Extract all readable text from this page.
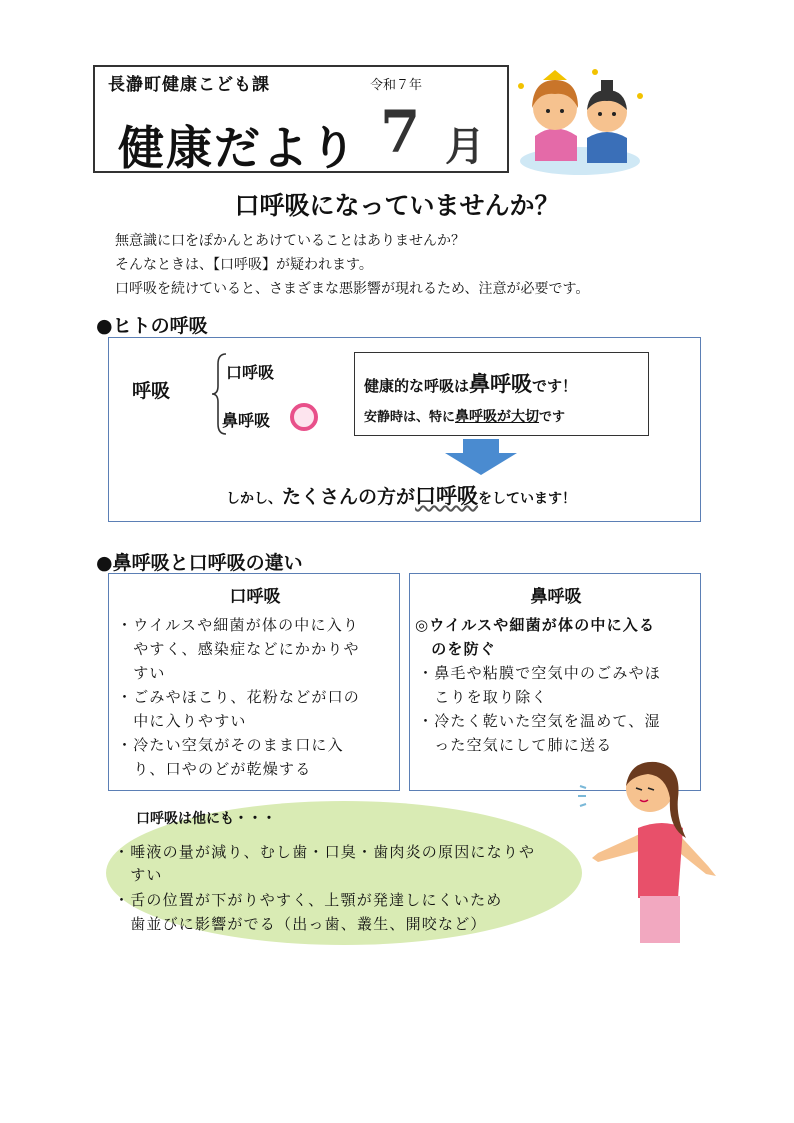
長瀞町健康こども課	令和７年
健康だより 7 月
口呼吸になっていませんか？
無意識に口をぽかんとあけていることはありませんか？
そんなときは、【口呼吸】が疑われます。
口呼吸を続けていると、さまざまな悪影響が現れるため、注意が必要です。
●ヒトの呼吸
呼吸
口呼吸
鼻呼吸
健康的な呼吸は鼻呼吸です！
安静時は、特に鼻呼吸が大切です
しかし、たくさんの方が口呼吸をしています！
●鼻呼吸と口呼吸の違い
口呼吸
・ウイルスや細菌が体の中に入り
　やすく、感染症などにかかりや
　すい
・ごみやほこり、花粉などが口の
　中に入りやすい
・冷たい空気がそのまま口に入
　り、口やのどが乾燥する
鼻呼吸
◎ウイルスや細菌が体の中に入る
　のを防ぐ
・鼻毛や粘膜で空気中のごみやほ
　こりを取り除く
・冷たく乾いた空気を温めて、湿
　った空気にして肺に送る
口呼吸は他にも・・・
・唾液の量が減り、むし歯・口臭・歯肉炎の原因になりや
　すい
・舌の位置が下がりやすく、上顎が発達しにくいため
　歯並びに影響がでる（出っ歯、叢生、開咬など）
